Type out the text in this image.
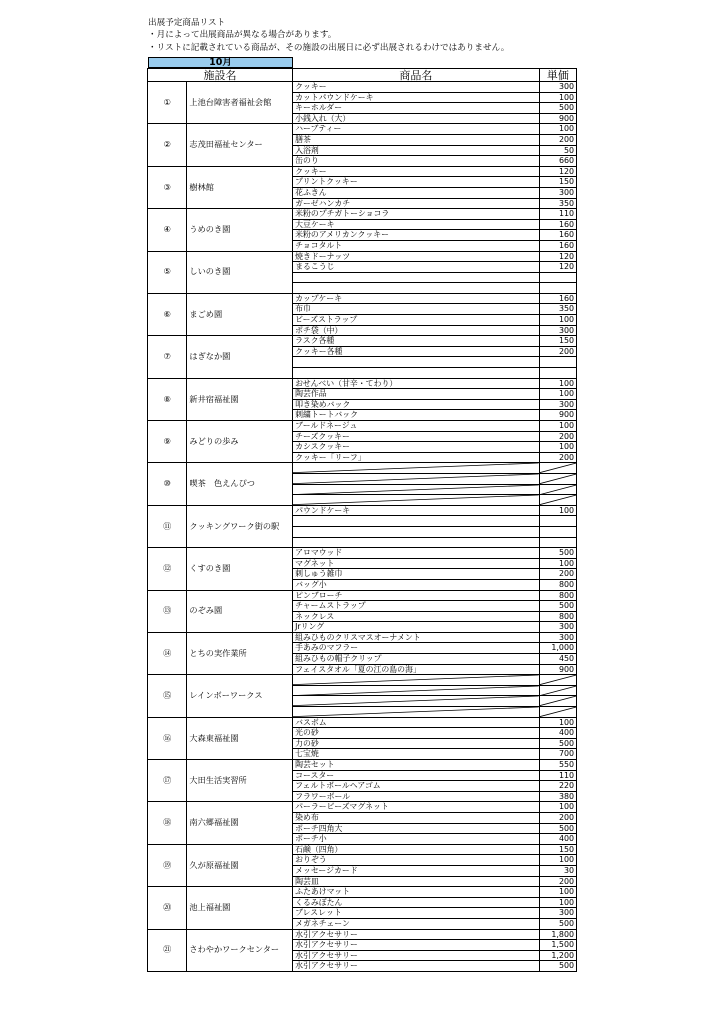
出展予定商品リスト
・月によって出展商品が異なる場合があります。
・リストに記載されている商品が、その施設の出展日に必ず出展されるわけではありません。
10月
施設名		商品名	単価
①	上池台障害者福祉会館	クッキー	300
		カットパウンドケーキ	100
		キーホルダー	500
		小銭入れ（大）	900
②	志茂田福祉センター	ハーブティー	100
		膳茶	200
		入浴剤	50
		缶のり	660
③	樹林館	クッキー	120
		プリントクッキー	150
		花ふきん	300
		ガーゼハンカチ	350
④	うめのき園	米粉のプチガトーショコラ	110
		大豆ケーキ	160
		米粉のアメリカンクッキー	160
		チョコタルト	160
⑤	しいのき園	焼きドーナッツ	120
		まるこうじ	120

⑥	まごめ園	カップケーキ	160
		布巾	350
		ビーズストラップ	100
		ポチ袋（中）	300
⑦	はぎなか園	ラスク各種	150
		クッキー各種	200

⑧	新井宿福祉園	おせんべい（甘辛・てわり）	100
		陶芸作品	100
		叩き染めバック	300
		刺繍トートバック	900
⑨	みどりの歩み	ブールドネージュ	100
		チーズクッキー	200
		カシスクッキー	100
		クッキー「リーフ」	200
⑩	喫茶　色えんぴつ	

⑪	クッキングワーク街の駅	パウンドケーキ	100

⑫	くすのき園	アロマウッド	500
		マグネット	100
		刺しゅう雑巾	200
		バッグ小	800
⑬	のぞみ園	ピンブローチ	800
		チャームストラップ	500
		ネックレス	800
		Jrリング	300
⑭	とちの実作業所	組みひものクリスマスオーナメント	300
		手あみのマフラー	1,000
		組みひもの帽子クリップ	450
		フェイスタオル「夏の江の島の海」	900
⑮	レインボーワークス	

⑯	大森東福祉園	バスボム	100
		光の砂	400
		力の砂	500
		七宝焼	700
⑰	大田生活実習所	陶芸セット	550
		コースター	110
		フェルトボールヘアゴム	220
		フラワーボール	380
⑱	南六郷福祉園	パーラービーズマグネット	100
		染め布	200
		ポーチ四角大	500
		ポーチ小	400
⑲	久が原福祉園	石鹸（四角）	150
		おりぞう	100
		メッセージカード	30
		陶芸皿	200
⑳	池上福祉園	ふたあけマット	100
		くるみぼたん	100
		ブレスレット	300
		メガネチェーン	500
㉑	さわやかワークセンター	水引アクセサリー	1,800
		水引アクセサリー	1,500
		水引アクセサリー	1,200
		水引アクセサリー	500
